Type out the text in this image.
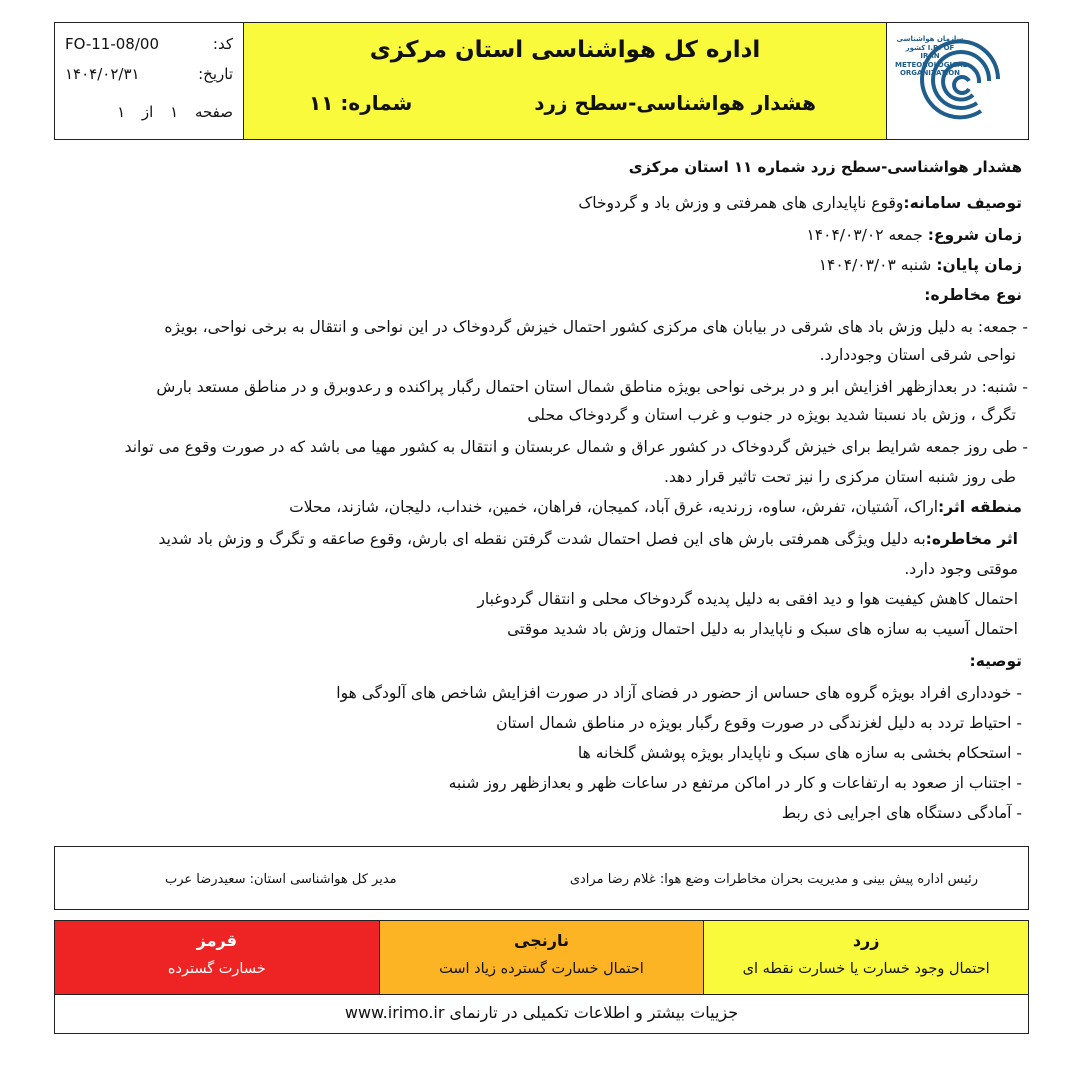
سازمان هواشناسی کشور I.R. OF IRAN METEOROLOGICAL ORGANIZATION
اداره کل هواشناسی استان مرکزی
هشدار هواشناسی-سطح زرد
شماره: ۱۱
کد:
FO-11-08/00
تاریخ:
۱۴۰۴/۰۲/۳۱
صفحه ۱ از ۱
هشدار هواشناسی-سطح زرد شماره ۱۱ استان مرکزی
توصیف سامانه:وقوع ناپایداری های همرفتی و وزش باد و گردوخاک
زمان شروع: جمعه ۱۴۰۴/۰۳/۰۲
زمان پایان: شنبه ۱۴۰۴/۰۳/۰۳
نوع مخاطره:
- جمعه: به دلیل وزش باد های شرقی در بیابان های مرکزی کشور احتمال خیزش گردوخاک در این نواحی و انتقال به برخی نواحی، بویژه
نواحی شرقی استان وجوددارد.
- شنبه: در بعدازظهر افزایش ابر و در برخی نواحی بویژه مناطق شمال استان احتمال رگبار پراکنده و رعدوبرق و در مناطق مستعد بارش
تگرگ ، وزش باد نسبتا شدید بویژه در جنوب و غرب استان و گردوخاک محلی
- طی روز جمعه شرایط برای خیزش گردوخاک در کشور عراق و شمال عربستان و انتقال به کشور مهیا می باشد که در صورت وقوع می تواند
طی روز شنبه استان مرکزی را نیز تحت تاثیر قرار دهد.
منطقه اثر:اراک، آشتیان، تفرش، ساوه، زرندیه، غرق آباد، کمیجان، فراهان، خمین، خنداب، دلیجان، شازند، محلات
اثر مخاطره:به دلیل ویژگی همرفتی بارش های این فصل احتمال شدت گرفتن نقطه ای بارش، وقوع صاعقه و تگرگ و وزش باد شدید
موقتی وجود دارد.
احتمال کاهش کیفیت هوا و دید افقی به دلیل پدیده گردوخاک محلی و انتقال گردوغبار
احتمال آسیب به سازه های سبک و ناپایدار به دلیل احتمال وزش باد شدید موقتی
توصیه:
- خودداری افراد بویژه گروه های حساس از حضور در فضای آزاد در صورت افزایش شاخص های آلودگی هوا
- احتیاط تردد به دلیل لغزندگی در صورت وقوع رگبار بویژه در مناطق شمال استان
- استحکام بخشی به سازه های سبک و ناپایدار بویژه پوشش گلخانه ها
- اجتناب از صعود به ارتفاعات و کار در اماکن مرتفع در ساعات ظهر و بعدازظهر روز شنبه
- آمادگی دستگاه های اجرایی ذی ربط
رئیس اداره پیش بینی و مدیریت بحران مخاطرات وضع هوا: غلام رضا مرادی
مدیر کل هواشناسی استان: سعیدرضا عرب
زرد
احتمال وجود خسارت یا خسارت نقطه ای
نارنجی
احتمال خسارت گسترده زیاد است
قرمز
خسارت گسترده
جزییات بیشتر و اطلاعات تکمیلی در تارنمای www.irimo.ir
